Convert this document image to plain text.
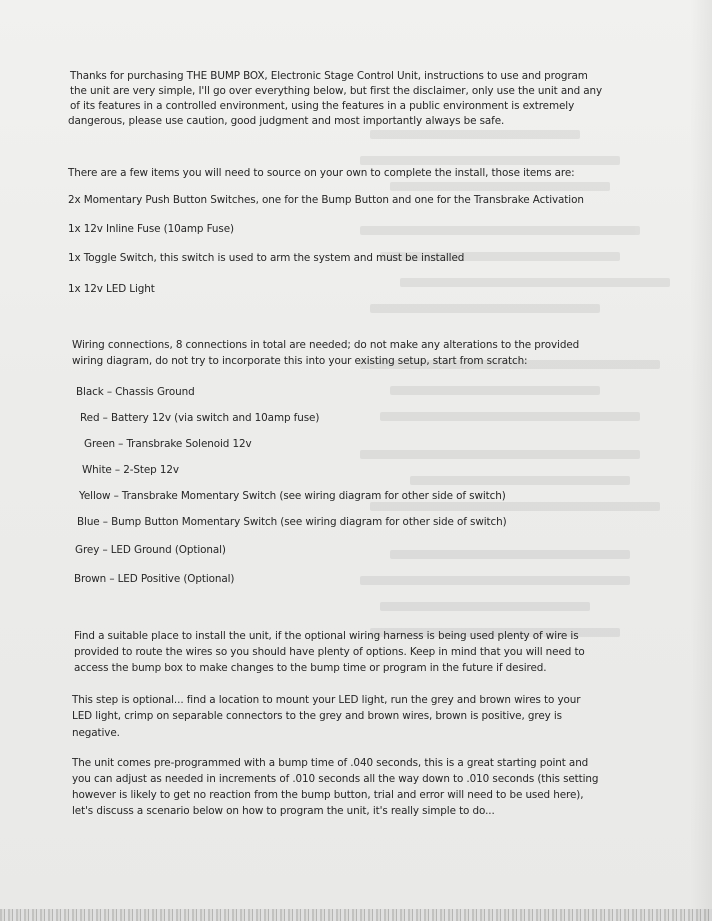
Thanks for purchasing THE BUMP BOX, Electronic Stage Control Unit, instructions to use and program
the unit are very simple, I'll go over everything below, but first the disclaimer, only use the unit and any
of its features in a controlled environment, using the features in a public environment is extremely
dangerous, please use caution, good judgment and most importantly always be safe.
There are a few items you will need to source on your own to complete the install, those items are:
2x Momentary Push Button Switches, one for the Bump Button and one for the Transbrake Activation
1x 12v Inline Fuse (10amp Fuse)
1x Toggle Switch, this switch is used to arm the system and must be installed
1x 12v LED Light
Wiring connections, 8 connections in total are needed; do not make any alterations to the provided
wiring diagram, do not try to incorporate this into your existing setup, start from scratch:
Black – Chassis Ground
Red – Battery 12v (via switch and 10amp fuse)
Green – Transbrake Solenoid 12v
White – 2-Step 12v
Yellow – Transbrake Momentary Switch (see wiring diagram for other side of switch)
Blue – Bump Button Momentary Switch (see wiring diagram for other side of switch)
Grey – LED Ground (Optional)
Brown – LED Positive (Optional)
Find a suitable place to install the unit, if the optional wiring harness is being used plenty of wire is
provided to route the wires so you should have plenty of options. Keep in mind that you will need to
access the bump box to make changes to the bump time or program in the future if desired.
This step is optional... find a location to mount your LED light, run the grey and brown wires to your
LED light, crimp on separable connectors to the grey and brown wires, brown is positive, grey is
negative.
The unit comes pre-programmed with a bump time of .040 seconds, this is a great starting point and
you can adjust as needed in increments of .010 seconds all the way down to .010 seconds (this setting
however is likely to get no reaction from the bump button, trial and error will need to be used here),
let's discuss a scenario below on how to program the unit, it's really simple to do...
